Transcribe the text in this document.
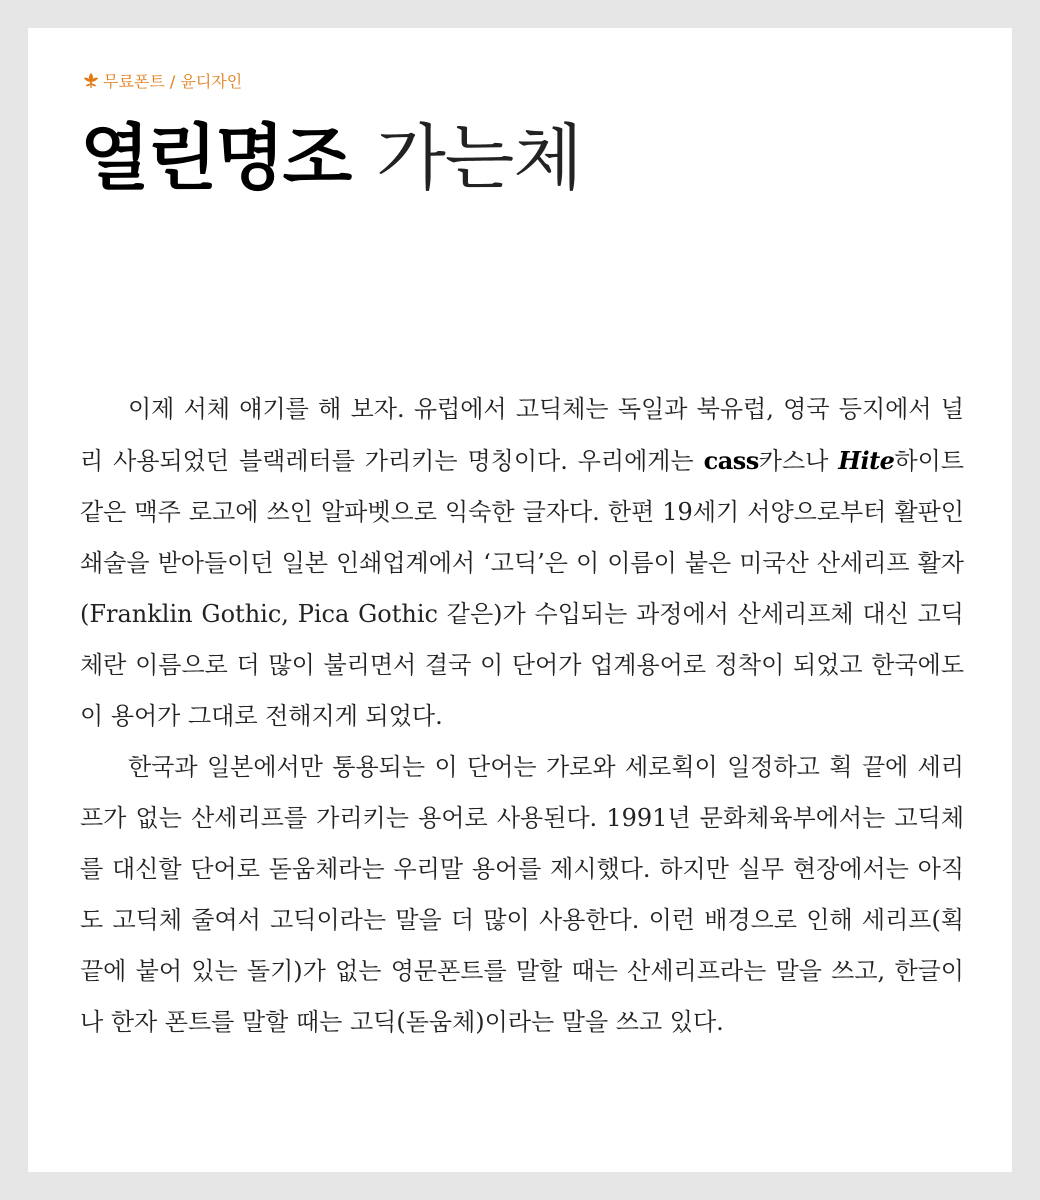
무료폰트 / 윤디자인
열린명조 가는체

이제 서체 얘기를 해 보자. 유럽에서 고딕체는 독일과 북유럽, 영국 등지에서 널리 사용되었던 블랙레터를 가리키는 명칭이다. 우리에게는 cass카스나 Hite하이트 같은 맥주 로고에 쓰인 알파벳으로 익숙한 글자다. 한편 19세기 서양으로부터 활판인쇄술을 받아들이던 일본 인쇄업계에서 ‘고딕’은 이 이름이 붙은 미국산 산세리프 활자(Franklin Gothic, Pica Gothic 같은)가 수입되는 과정에서 산세리프체 대신 고딕체란 이름으로 더 많이 불리면서 결국 이 단어가 업계용어로 정착이 되었고 한국에도 이 용어가 그대로 전해지게 되었다.

한국과 일본에서만 통용되는 이 단어는 가로와 세로획이 일정하고 획 끝에 세리프가 없는 산세리프를 가리키는 용어로 사용된다. 1991년 문화체육부에서는 고딕체를 대신할 단어로 돋움체라는 우리말 용어를 제시했다. 하지만 실무 현장에서는 아직도 고딕체 줄여서 고딕이라는 말을 더 많이 사용한다. 이런 배경으로 인해 세리프(획 끝에 붙어 있는 돌기)가 없는 영문폰트를 말할 때는 산세리프라는 말을 쓰고, 한글이나 한자 폰트를 말할 때는 고딕(돋움체)이라는 말을 쓰고 있다.
